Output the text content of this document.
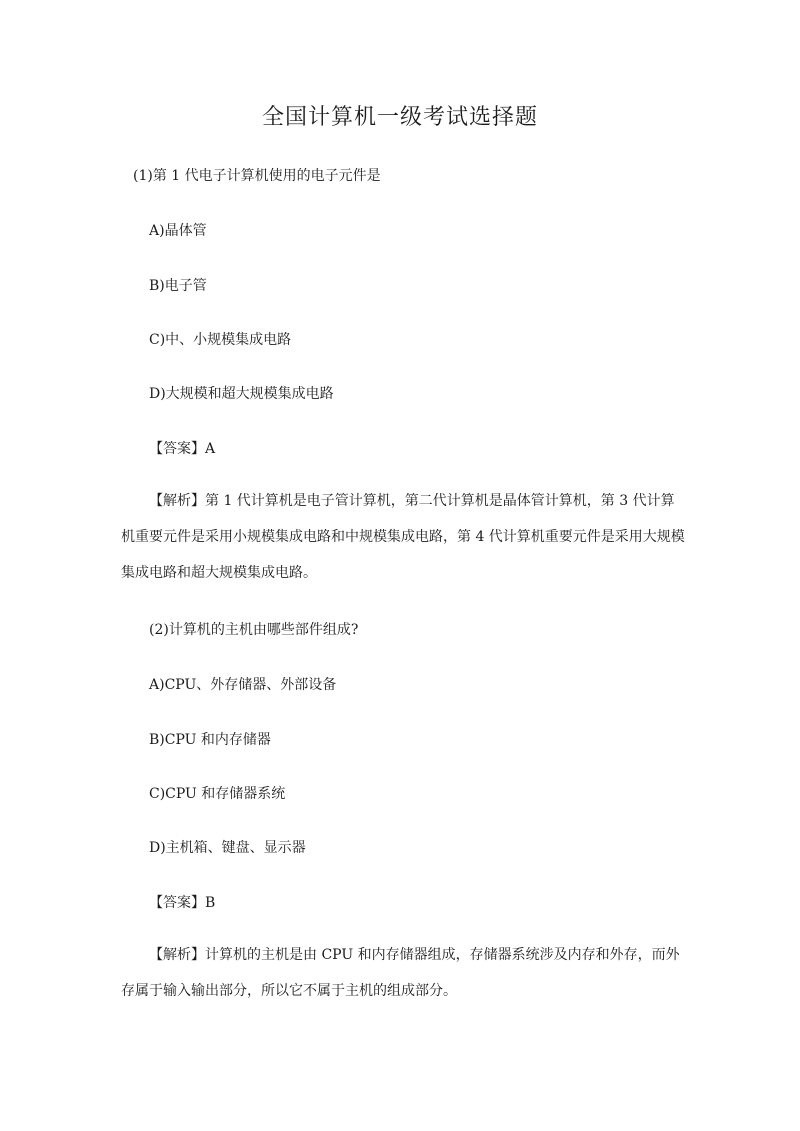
全国计算机一级考试选择题
(1)第 1 代电子计算机使用的电子元件是
A)晶体管
B)电子管
C)中、小规模集成电路
D)大规模和超大规模集成电路
【答案】A
【解析】第 1 代计算机是电子管计算机，第二代计算机是晶体管计算机，第 3 代计算机重要元件是采用小规模集成电路和中规模集成电路，第 4 代计算机重要元件是采用大规模集成电路和超大规模集成电路。
(2)计算机的主机由哪些部件组成?
A)CPU、外存储器、外部设备
B)CPU 和内存储器
C)CPU 和存储器系统
D)主机箱、键盘、显示器
【答案】B
【解析】计算机的主机是由 CPU 和内存储器组成，存储器系统涉及内存和外存，而外存属于输入输出部分，所以它不属于主机的组成部分。
